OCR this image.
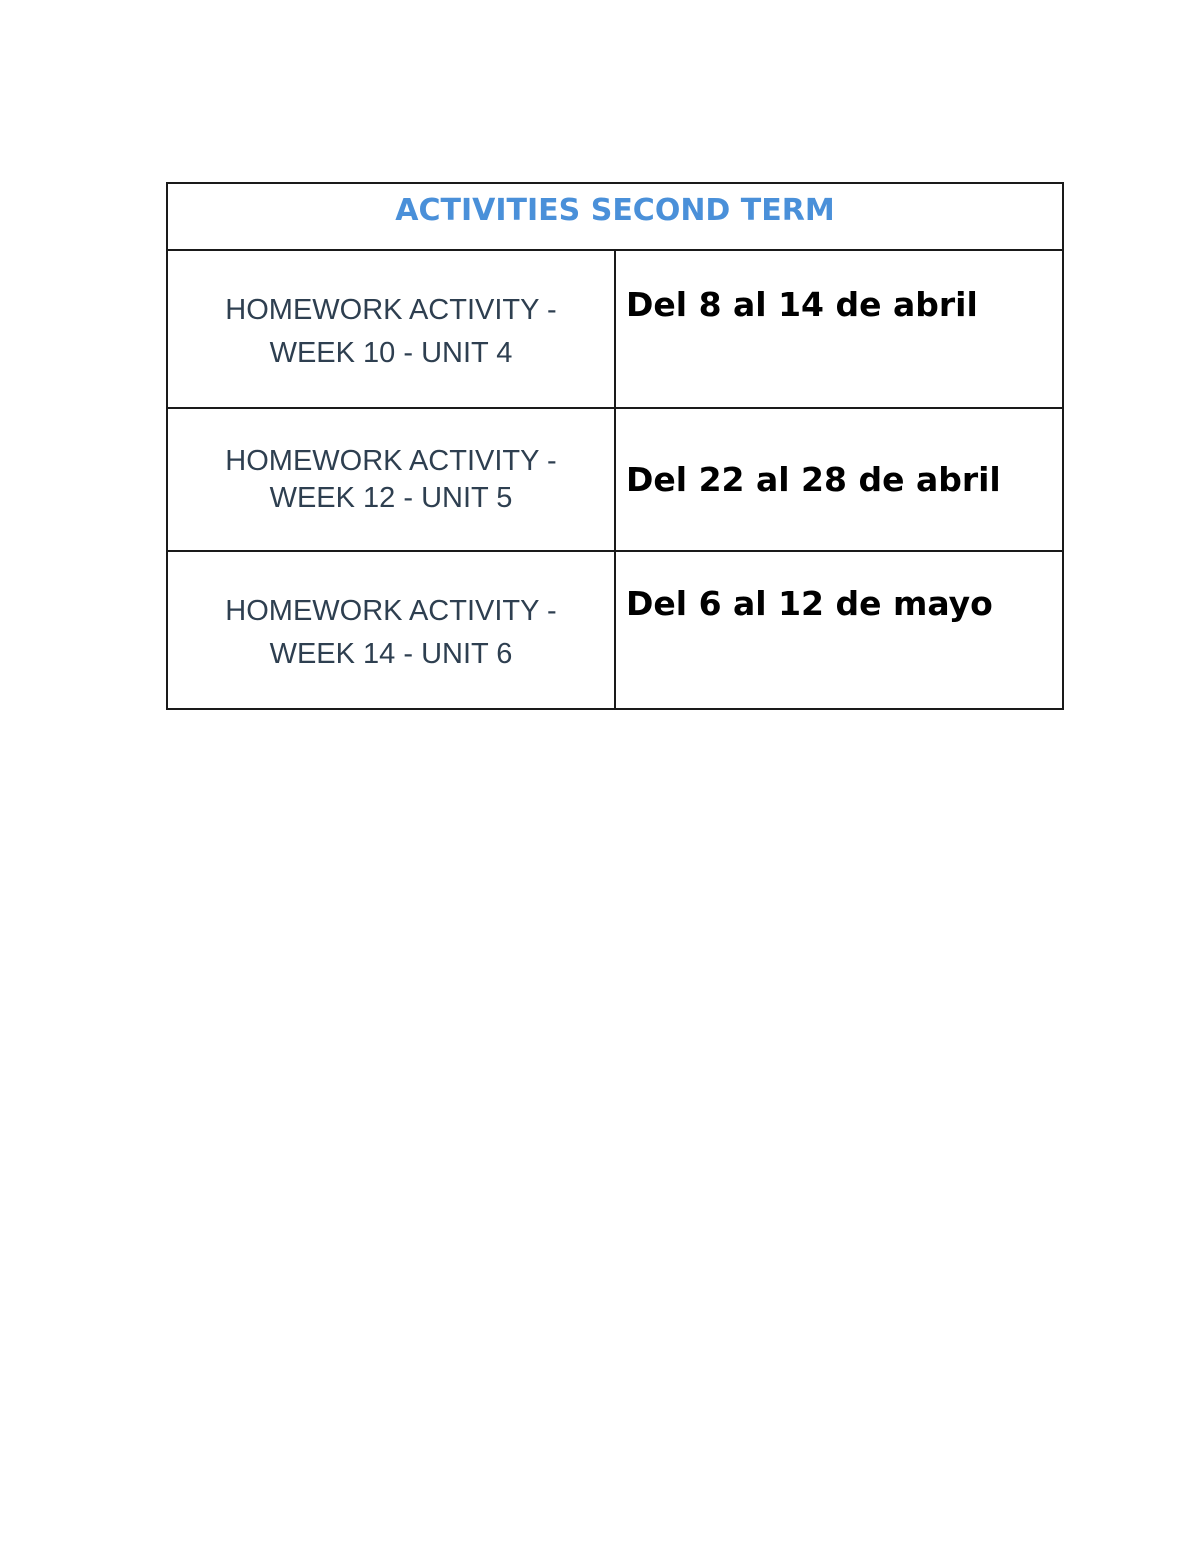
ACTIVITIES SECOND TERM	

HOMEWORK ACTIVITY -
WEEK 10 - UNIT 4	Del 8 al 14 de abril

HOMEWORK ACTIVITY -
WEEK 12 - UNIT 5	Del 22 al 28 de abril

HOMEWORK ACTIVITY -
WEEK 14 - UNIT 6	Del 6 al 12 de mayo
